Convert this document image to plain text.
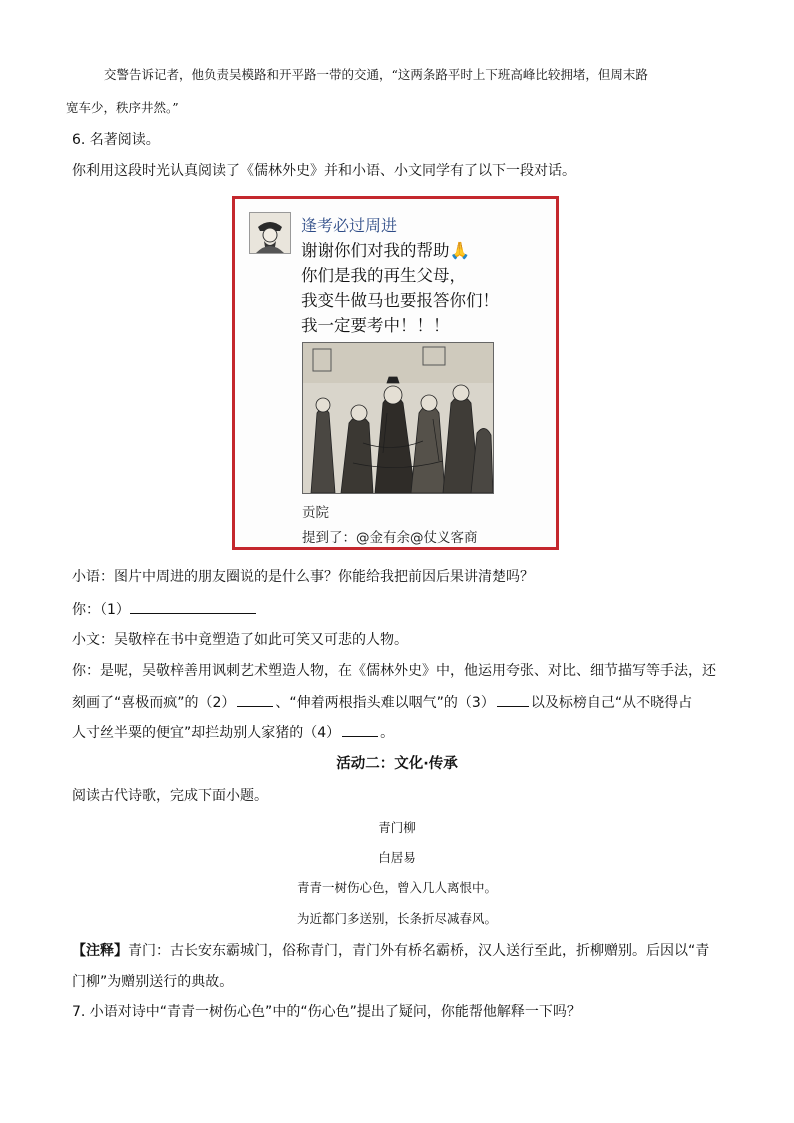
交警告诉记者，他负责吴模路和开平路一带的交通，“这两条路平时上下班高峰比较拥堵，但周末路
宽车少，秩序井然。”
6. 名著阅读。
你利用这段时光认真阅读了《儒林外史》并和小语、小文同学有了以下一段对话。
逢考必过周进
谢谢你们对我的帮助🙏
你们是我的再生父母，
我变牛做马也要报答你们！
我一定要考中！！！
贡院
提到了：@金有余@仗义客商
小语：图片中周进的朋友圈说的是什么事？你能给我把前因后果讲清楚吗？
你：（1）
小文：吴敬梓在书中竟塑造了如此可笑又可悲的人物。
你：是呢，吴敬梓善用讽刺艺术塑造人物，在《儒林外史》中，他运用夸张、对比、细节描写等手法，还
刻画了“喜极而疯”的（2）	、“伸着两根指头难以咽气”的（3）	以及标榜自己“从不晓得占
人寸丝半粟的便宜”却拦劫别人家猪的（4）	。
活动二：文化·传承
阅读古代诗歌，完成下面小题。
青门柳
白居易
青青一树伤心色，曾入几人离恨中。
为近都门多送别，长条折尽减春风。
【注释】青门：古长安东霸城门，俗称青门，青门外有桥名霸桥，汉人送行至此，折柳赠别。后因以“青
门柳”为赠别送行的典故。
7. 小语对诗中“青青一树伤心色”中的“伤心色”提出了疑问，你能帮他解释一下吗？
